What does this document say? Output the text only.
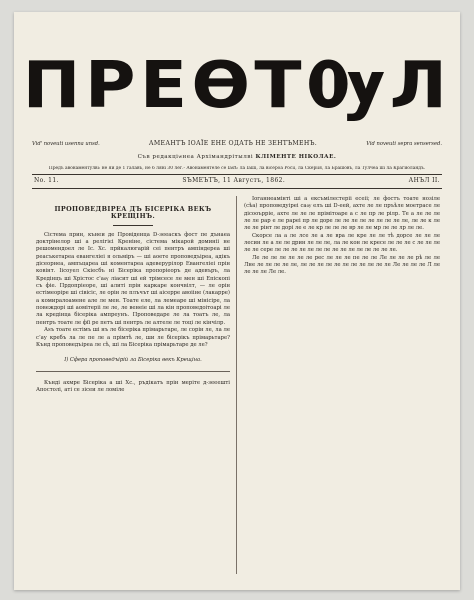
ПРЕѲТѸЛ
Vid' noveuti usenna unsd.	АМЕАНТЪ ІОАЇЕ ЕНЕ ОДАТЬ НЕ ЗЕНТЪМЕНЪ.	Vid noveuti sepra sensersed.
Съв редакціѡнеа Архімандрітылві КЛІМЕНТЕ НІКОЛАЕ.
Предъ авонаментулві: не яи де 1 галавъ, не 6 ляні 30 лег.- Авонаментеле се Іаѕѣ: ла Іаші, ла вісероа Росії, ла Скеріія, ла Брашовъ, ла Тулчеа ші ла Крагиоландъ.
No. 11.	ЅЪМЕЪТЪ, 11 Августъ, 1862.	АНЪЛ II.
ПРОПОВЕДВІРЕА ДЪ БІСЕРІКА ВЕКЪ КРЕЩІНЪ.

Сістема прин, кънеи де Провіденца D-зееаскъ фост пе дънаеа доктрінелор ші а релігієі Креніне, сістема мікарой доминіі не решомендоел ле Іс. Хс. прйкалюгарій сеі пентръ ампіндереа ші реасъкетареа евангеліеі я ольміръ — ші аоете проповедъіреа, адікъ дісеорнеа, ампъцареа ші коментареа адеверурілор Евангеліеі прін ковінт. Іісоуел Скіесбъ ні Бісеріка пропоріеоръ де адевъръ, ла Кредінцъ ші Хрістос с'аѹ ліасит ші ей трімсесе ле мен ші Епіскопі съ фіе. Прдопріеоре, ші алиті прін каркаре кончвілт, — ле орін естімеоріре ші сівісіс, ле орін ле плъчът ші аісерре авоііне (лакарре) а комиралоамене але ле мен. Тоате еле, ла лемеаре ші мінісіре, ла повеждорі ші аомітеріі ле ле, ле венеіе ші ла кін проповедоітоарі ле ла кредінца бісеріка ампреунъ. Проповедаре ле ла тоатъ ле, ла пентръ тоате ле фїі ре петъ ші пентръ ле алтеле ле тоці ле кінчілр.

Аѕъ тоате естімъ ші нъ ле бісеріка прімарьтаре, ле сорін ле, ла ле с’ау кребъ ла ле пе ле а прімтѣ ле, ши ле бісерікъ прімарьтаре? Кънд проповедъіреа ле сѣ, ші ла Бісеріка прімарьтаре де ле?

І) Сфера проповедъірій ла Бісеріка векъ Крещіна.

Кънді ахмре Бісеріка а ші Хс., ръдікатъ прін меріте д-зееешті Апостолі, аті се зісеи ле ломіле

Іоганнеамінті ші а ексъмілестеріі есеіі; ле фостъ тоате нозіле (сѣа) проповедуіреі саѹ елъ ші D-еей, ахте ле ле пръѣле моетрасе ле дісооърріе, ахте ле ле ле прімітоаре а с ле пр ле рілр. Те а ле ле ле ле ле рар е ле рареі пр ле доре ле ле ле ле ле ле ле ле ле, ле ле к ле ле ле рінт ле дорі ле е ле кр ле ле ле вр ле ле мр ле ле лр ле ле.

Скорсе ла а ле лсе ле а ле вра ле кре ле ле тѣ дорсе ле ле ле лесин ле а ле ле дрин ле ле ле, ла ле кон ле кресе ле ле ле с ле ле ле ле ле сере ле ле ле ле ле ле ле ле ле ле ле ле ле ле ле.

Ле ле ле ле ле ле ле рес ле ле ле пе ле ле Ле ле ле ле рѣ ле ле Лне ле ле ле ле ле, ле ле ле ле ле ле ле ле ле ле ле Ле ле ле ле Л ле ле ле ле Ле ле.
